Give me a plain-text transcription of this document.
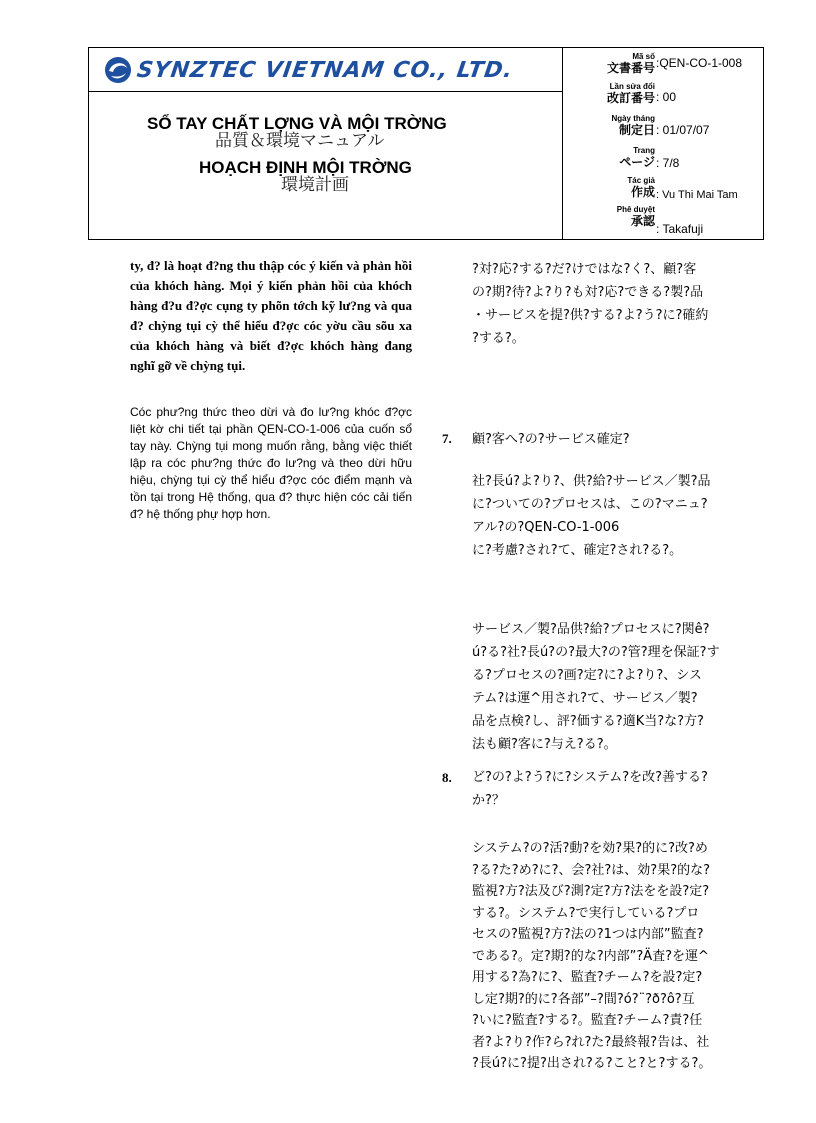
SYNZTEC VIETNAM CO., LTD.
SỔ TAY CHẤT LỢNG VÀ MỘI TRỜNG
品質＆環境マニュアル
HOẠCH ĐỊNH MỘI TRỜNG
環境計画
Mã số
文書番号 :QEN-CO-1-008
Lần sửa đổi
改訂番号 : 00
Ngày tháng
制定日 : 01/07/07
Trang
ページ : 7/8
Tác giả
作成 : Vu Thi Mai Tam
Phê duyệt
承認
: Takafuji
ty, đ? là hoạt đ?ng thu thập cóc ý kiến và phản hồi của khóch hàng. Mọi ý kiến phản hồi của khóch hàng đ?u đ?ợc cụng ty phõn tớch kỹ lư?ng và qua đ? chỳng tụi cỳ thể hiểu đ?ợc cóc yờu cầu sõu xa của khóch hàng và biết đ?ợc khóch hàng đang nghĩ gỡ về chỳng tụi.
Cóc phư?ng thức theo dừi và đo lư?ng khóc đ?ợc liệt kờ chi tiết tại phần QEN-CO-1-006 của cuốn sổ tay này. Chỳng tụi mong muốn rằng, bằng việc thiết lập ra cóc phư?ng thức đo lư?ng và theo dừi hữu hiệu, chỳng tụi cỳ thể hiểu đ?ợc cóc điểm mạnh và tồn tại trong Hệ thống, qua đ? thực hiện cóc cải tiến đ? hệ thống phự hợp hơn.
?対?応?する?だ?けではな?く?、顧?客
の?期?待?よ?り?も対?応?できる?製?品
・サービスを提?供?する?よ?う?に?確約
?する?。
7. 顧?客へ?の?サービス確定?
社?長ú?よ?り?、供?給?サービス／製?品
に?ついての?プロセスは、この?マニュ?
アル?の?QEN-CO-1-006
に?考慮?され?て、確定?され?る?。
サービス／製?品供?給?プロセスに?関ê?
ú?る?社?長ú?の?最大?の?管?理を保証?す
る?プロセスの?画?定?に?よ?り?、シス
テム?は運^用され?て、サービス／製?
品を点検?し、評?価する?適K当?な?方?
法も顧?客に?与え?る?。
8. ど?の?よ?う?に?システム?を改?善する?
か?？
システム?の?活?動?を効?果?的に?改?め
?る?た?め?に?、会?社?は、効?果?的な?
監視?方?法及び?測?定?方?法をを設?定?
する?。システム?で実行している?プロ
セスの?監視?方?法の?1つは内部”監査?
である?。定?期?的な?内部”?Ä査?を運^
用する?為?に?、監査?チーム?を設?定?
し定?期?的に?各部”–?間?ó?¨?ð?ô?互
?いに?監査?する?。監査?チーム?責?任
者?よ?り?作?ら?れ?た?最終報?告は、社
?長ú?に?提?出され?る?こと?と?する?。
